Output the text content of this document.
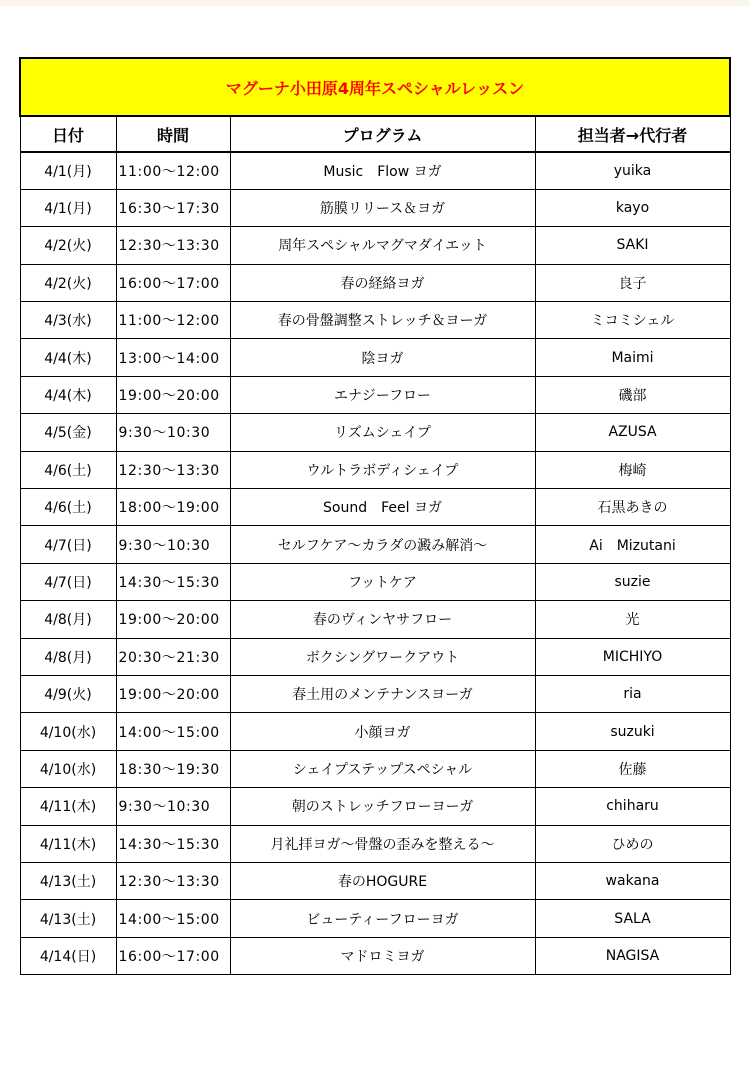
マグーナ小田原4周年スペシャルレッスン			
日付	時間	プログラム	担当者→代行者
4/1(月)	11:00～12:00	Music　Flow ヨガ	yuika
4/1(月)	16:30～17:30	筋膜リリース＆ヨガ	kayo
4/2(火)	12:30～13:30	周年スペシャルマグマダイエット	SAKI
4/2(火)	16:00～17:00	春の経絡ヨガ	良子
4/3(水)	11:00～12:00	春の骨盤調整ストレッチ＆ヨーガ	ミコミシェル
4/4(木)	13:00～14:00	陰ヨガ	Maimi
4/4(木)	19:00～20:00	エナジーフロー	磯部
4/5(金)	9:30～10:30	リズムシェイプ	AZUSA
4/6(土)	12:30～13:30	ウルトラボディシェイプ	梅崎
4/6(土)	18:00～19:00	Sound　Feel ヨガ	石黒あきの
4/7(日)	9:30～10:30	セルフケア～カラダの澱み解消～	Ai　Mizutani
4/7(日)	14:30～15:30	フットケア	suzie
4/8(月)	19:00～20:00	春のヴィンヤサフロー	光
4/8(月)	20:30～21:30	ボクシングワークアウト	MICHIYO
4/9(火)	19:00～20:00	春土用のメンテナンスヨーガ	ria
4/10(水)	14:00～15:00	小顔ヨガ	suzuki
4/10(水)	18:30～19:30	シェイプステップスペシャル	佐藤
4/11(木)	9:30～10:30	朝のストレッチフローヨーガ	chiharu
4/11(木)	14:30～15:30	月礼拝ヨガ～骨盤の歪みを整える～	ひめの
4/13(土)	12:30～13:30	春のHOGURE	wakana
4/13(土)	14:00～15:00	ビューティーフローヨガ	SALA
4/14(日)	16:00～17:00	マドロミヨガ	NAGISA
